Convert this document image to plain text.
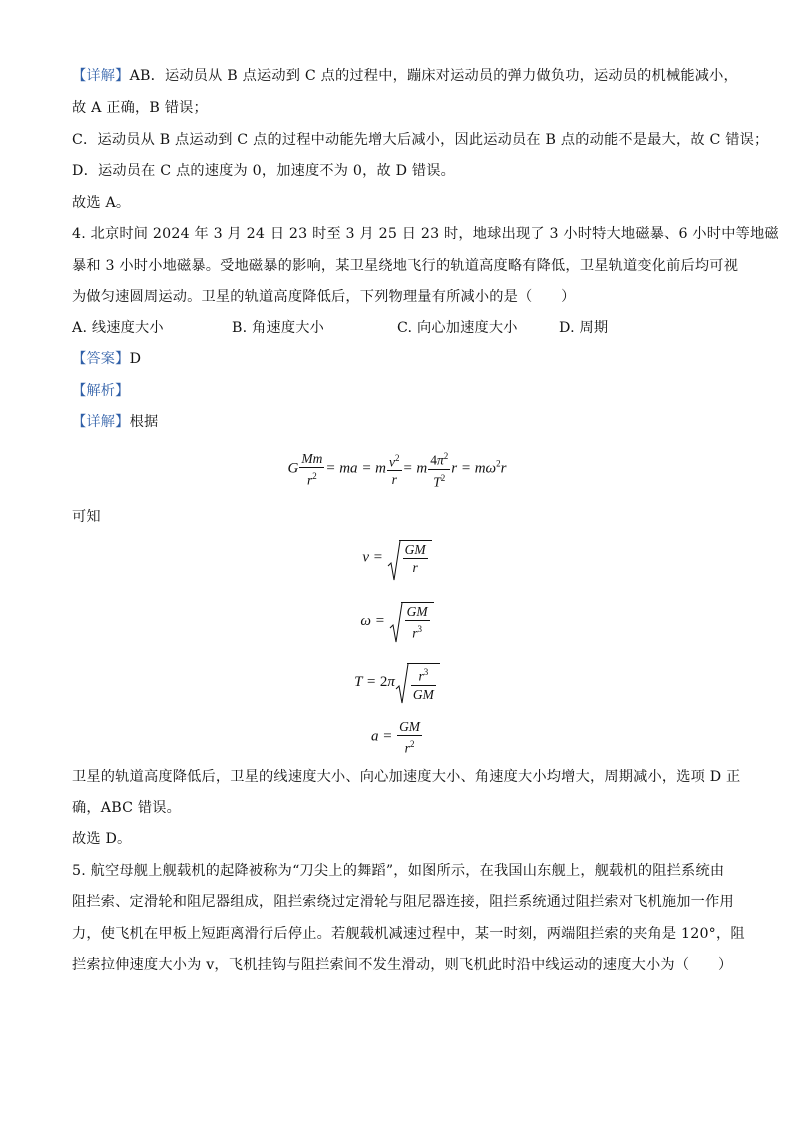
【详解】AB．运动员从 B 点运动到 C 点的过程中，蹦床对运动员的弹力做负功，运动员的机械能减小，
故 A 正确，B 错误；
C．运动员从 B 点运动到 C 点的过程中动能先增大后减小，因此运动员在 B 点的动能不是最大，故 C 错误；
D．运动员在 C 点的速度为 0，加速度不为 0，故 D 错误。
故选 A。
4. 北京时间 2024 年 3 月 24 日 23 时至 3 月 25 日 23 时，地球出现了 3 小时特大地磁暴、6 小时中等地磁
暴和 3 小时小地磁暴。受地磁暴的影响，某卫星绕地飞行的轨道高度略有降低，卫星轨道变化前后均可视
为做匀速圆周运动。卫星的轨道高度降低后，下列物理量有所减小的是（　　）
A. 线速度大小	B. 角速度大小	C. 向心加速度大小	D. 周期
【答案】D
【解析】
【详解】根据
G $\frac{Mm}{r^2}$ = ma = m $\frac{v^2}{r} = m \frac{4\pi^2}{T^2}$ $r = m\omega^2r$
可知
$v = \frac{GM}{r}$
$\omega = \frac{GM}{r^3}$
$T = 2\pi \frac{r^3}{GM}$
$a = \frac{GM}{r^2}$
卫星的轨道高度降低后，卫星的线速度大小、向心加速度大小、角速度大小均增大，周期减小，选项 D 正
确，ABC 错误。
故选 D。
5. 航空母舰上舰载机的起降被称为“刀尖上的舞蹈”，如图所示，在我国山东舰上，舰载机的阻拦系统由
阻拦索、定滑轮和阻尼器组成，阻拦索绕过定滑轮与阻尼器连接，阻拦系统通过阻拦索对飞机施加一作用
力，使飞机在甲板上短距离滑行后停止。若舰载机减速过程中，某一时刻，两端阻拦索的夹角是 120°，阻
拦索拉伸速度大小为 v，飞机挂钩与阻拦索间不发生滑动，则飞机此时沿中线运动的速度大小为（　　）
